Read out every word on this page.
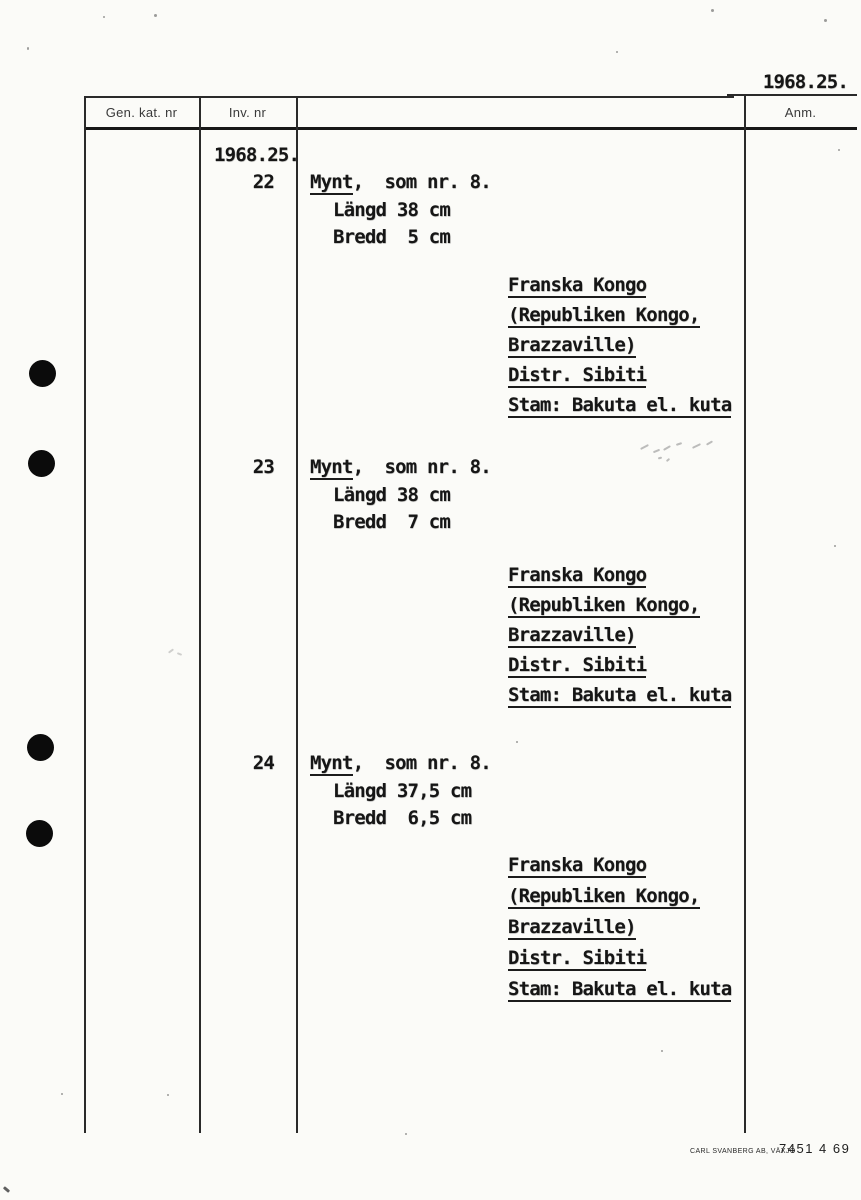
1968.25.
Gen. kat. nr	Inv. nr	Anm.
1968.25.
22 Mynt,  som nr. 8.
Längd 38 cm
Bredd  5 cm
Franska Kongo
(Republiken Kongo,
Brazzaville)
Distr. Sibiti
Stam: Bakuta el. kuta
23 Mynt,  som nr. 8.
Längd 38 cm
Bredd  7 cm
Franska Kongo
(Republiken Kongo,
Brazzaville)
Distr. Sibiti
Stam: Bakuta el. kuta
24 Mynt,  som nr. 8.
Längd 37,5 cm
Bredd  6,5 cm
Franska Kongo
(Republiken Kongo,
Brazzaville)
Distr. Sibiti
Stam: Bakuta el. kuta
CARL SVANBERG AB, VÄXJÖ
7451 4 69
